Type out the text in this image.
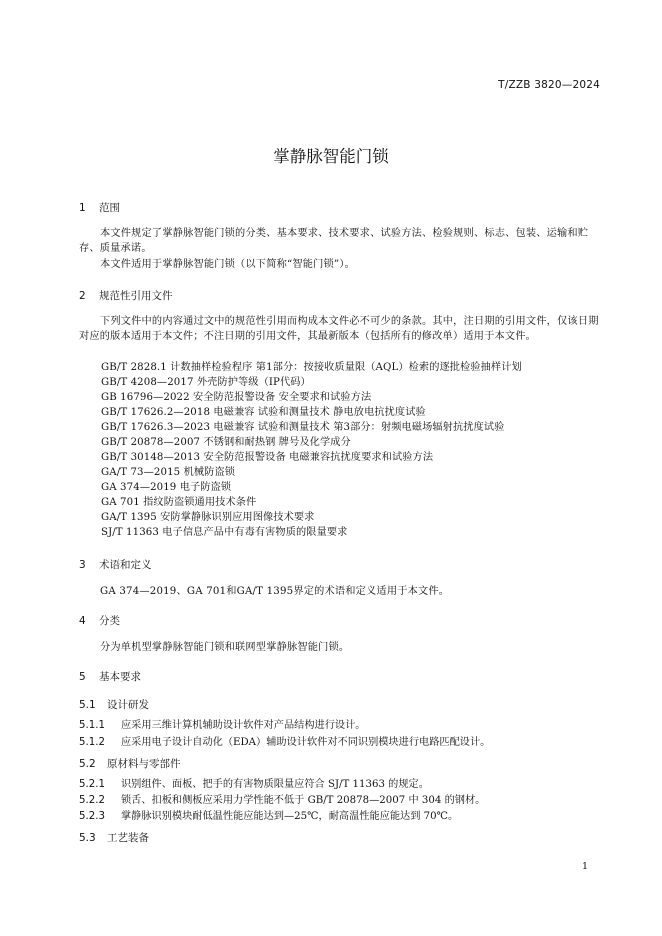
T/ZZB 3820—2024
掌静脉智能门锁
1 范围
本文件规定了掌静脉智能门锁的分类、基本要求、技术要求、试验方法、检验规则、标志、包装、运输和贮存、质量承诺。
本文件适用于掌静脉智能门锁（以下简称“智能门锁”）。
2 规范性引用文件
下列文件中的内容通过文中的规范性引用而构成本文件必不可少的条款。其中，注日期的引用文件，仅该日期对应的版本适用于本文件；不注日期的引用文件，其最新版本（包括所有的修改单）适用于本文件。
GB/T 2828.1 计数抽样检验程序 第1部分：按接收质量限（AQL）检索的逐批检验抽样计划
GB/T 4208—2017 外壳防护等级（IP代码）
GB 16796—2022 安全防范报警设备 安全要求和试验方法
GB/T 17626.2—2018 电磁兼容 试验和测量技术 静电放电抗扰度试验
GB/T 17626.3—2023 电磁兼容 试验和测量技术 第3部分：射频电磁场辐射抗扰度试验
GB/T 20878—2007 不锈钢和耐热钢 牌号及化学成分
GB/T 30148—2013 安全防范报警设备 电磁兼容抗扰度要求和试验方法
GA/T 73—2015 机械防盗锁
GA 374—2019 电子防盗锁
GA 701 指纹防盗锁通用技术条件
GA/T 1395 安防掌静脉识别应用图像技术要求
SJ/T 11363 电子信息产品中有毒有害物质的限量要求
3 术语和定义
GA 374—2019、GA 701和GA/T 1395界定的术语和定义适用于本文件。
4 分类
分为单机型掌静脉智能门锁和联网型掌静脉智能门锁。
5 基本要求
5.1 设计研发
5.1.1 应采用三维计算机辅助设计软件对产品结构进行设计。
5.1.2 应采用电子设计自动化（EDA）辅助设计软件对不同识别模块进行电路匹配设计。
5.2 原材料与零部件
5.2.1 识别组件、面板、把手的有害物质限量应符合 SJ/T 11363 的规定。
5.2.2 锁舌、扣板和侧板应采用力学性能不低于 GB/T 20878—2007 中 304 的钢材。
5.2.3 掌静脉识别模块耐低温性能应能达到—25℃，耐高温性能应能达到 70℃。
5.3 工艺装备
1
